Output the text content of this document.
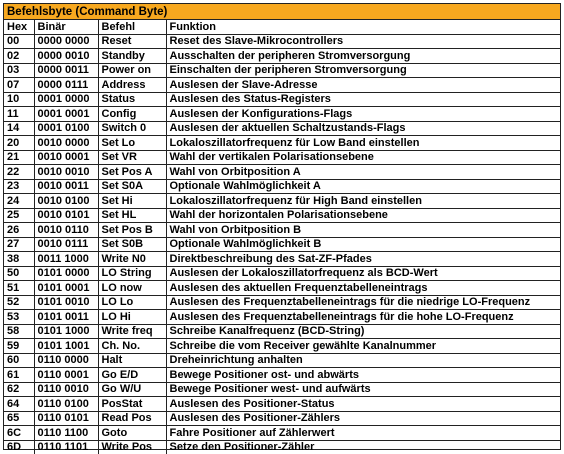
Befehlsbyte (Command Byte)
Hex	Binär	Befehl	Funktion
00	0000 0000	Reset	Reset des Slave-Mikrocontrollers
02	0000 0010	Standby	Ausschalten der peripheren Stromversorgung
03	0000 0011	Power on	Einschalten der peripheren Stromversorgung
07	0000 0111	Address	Auslesen der Slave-Adresse
10	0001 0000	Status	Auslesen des Status-Registers
11	0001 0001	Config	Auslesen der Konfigurations-Flags
14	0001 0100	Switch 0	Auslesen der aktuellen Schaltzustands-Flags
20	0010 0000	Set Lo	Lokaloszillatorfrequenz für Low Band einstellen
21	0010 0001	Set VR	Wahl der vertikalen Polarisationsebene
22	0010 0010	Set Pos A	Wahl von Orbitposition A
23	0010 0011	Set S0A	Optionale Wahlmöglichkeit A
24	0010 0100	Set Hi	Lokaloszillatorfrequenz für High Band einstellen
25	0010 0101	Set HL	Wahl der horizontalen Polarisationsebene
26	0010 0110	Set Pos B	Wahl von Orbitposition B
27	0010 0111	Set S0B	Optionale Wahlmöglichkeit B
38	0011 1000	Write N0	Direktbeschreibung des Sat-ZF-Pfades
50	0101 0000	LO String	Auslesen der Lokaloszillatorfrequenz als BCD-Wert
51	0101 0001	LO now	Auslesen des aktuellen Frequenztabelleneintrags
52	0101 0010	LO Lo	Auslesen des Frequenztabelleneintrags für die niedrige LO-Frequenz
53	0101 0011	LO Hi	Auslesen des Frequenztabelleneintrags für die hohe LO-Frequenz
58	0101 1000	Write freq	Schreibe Kanalfrequenz (BCD-String)
59	0101 1001	Ch. No.	Schreibe die vom Receiver gewählte Kanalnummer
60	0110 0000	Halt	Dreheinrichtung anhalten
61	0110 0001	Go E/D	Bewege Positioner ost- und abwärts
62	0110 0010	Go W/U	Bewege Positioner west- und aufwärts
64	0110 0100	PosStat	Auslesen des Positioner-Status
65	0110 0101	Read Pos	Auslesen des Positioner-Zählers
6C	0110 1100	Goto	Fahre Positioner auf Zählerwert
6D	0110 1101	Write Pos	Setze den Positioner-Zähler
